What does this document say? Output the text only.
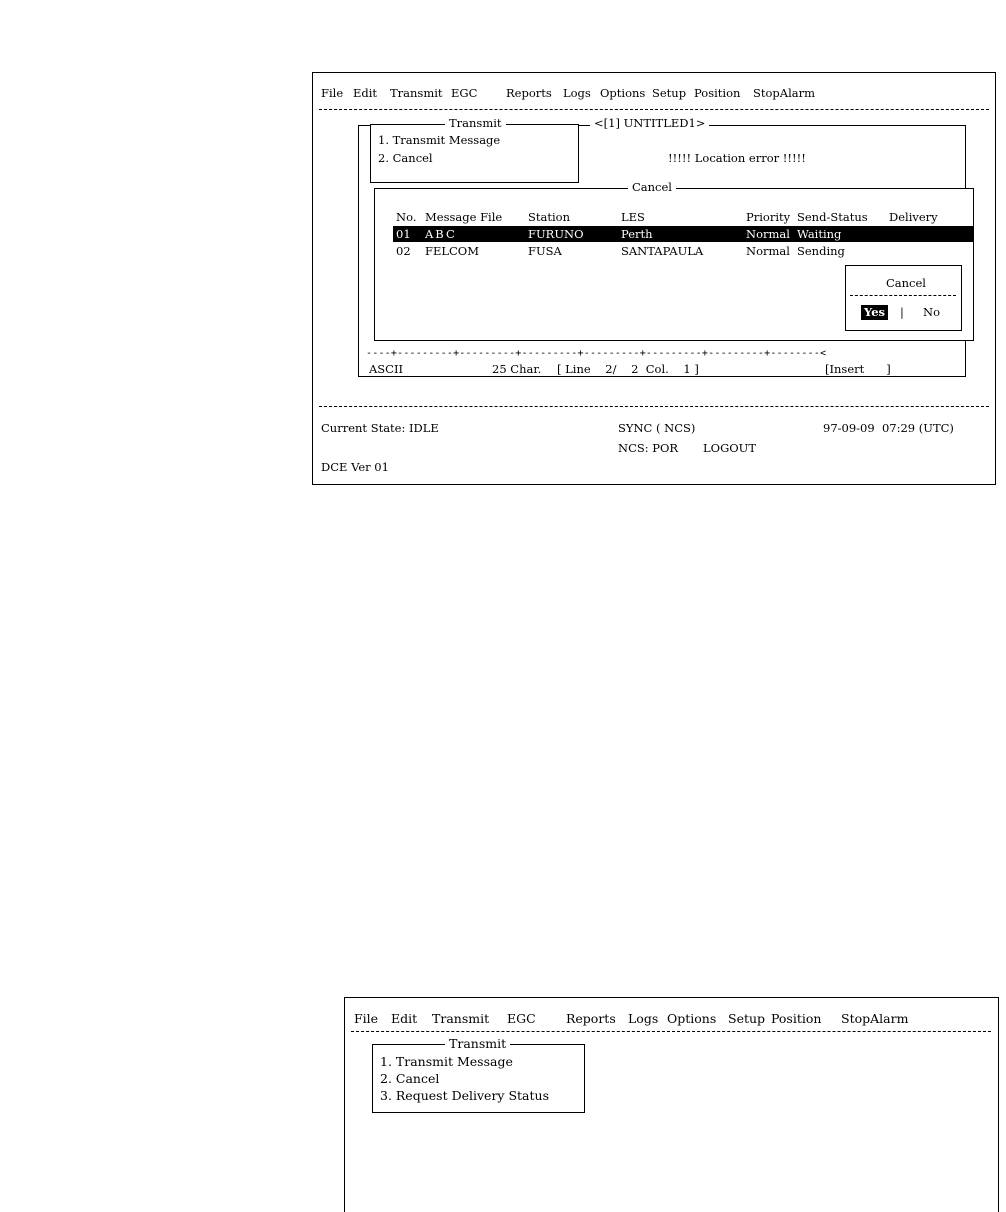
File Edit Transmit EGC Reports Logs Options Setup Position StopAlarm
<[1] UNTITLED1>
Transmit
1. Transmit Message
2. Cancel	!!!!! Location error !!!!!
Cancel
No. Message File Station	LES	Priority Send-Status Delivery
01 ABC	FURUNO	Perth	Normal Waiting
02 FELCOM	FUSA	SANTAPAULA	Normal Sending
Cancel
Yes | No
----+---------+---------+---------+---------+---------+---------+--------<
ASCII	25 Char. [ Line    2/    2  Col.    1 ]	[Insert      ]
Current State: IDLE	SYNC ( NCS)	97-09-09  07:29 (UTC)
NCS: POR LOGOUT
DCE Ver 01
File Edit Transmit EGC Reports Logs Options Setup Position StopAlarm
Transmit
1. Transmit Message
2. Cancel
3. Request Delivery Status
